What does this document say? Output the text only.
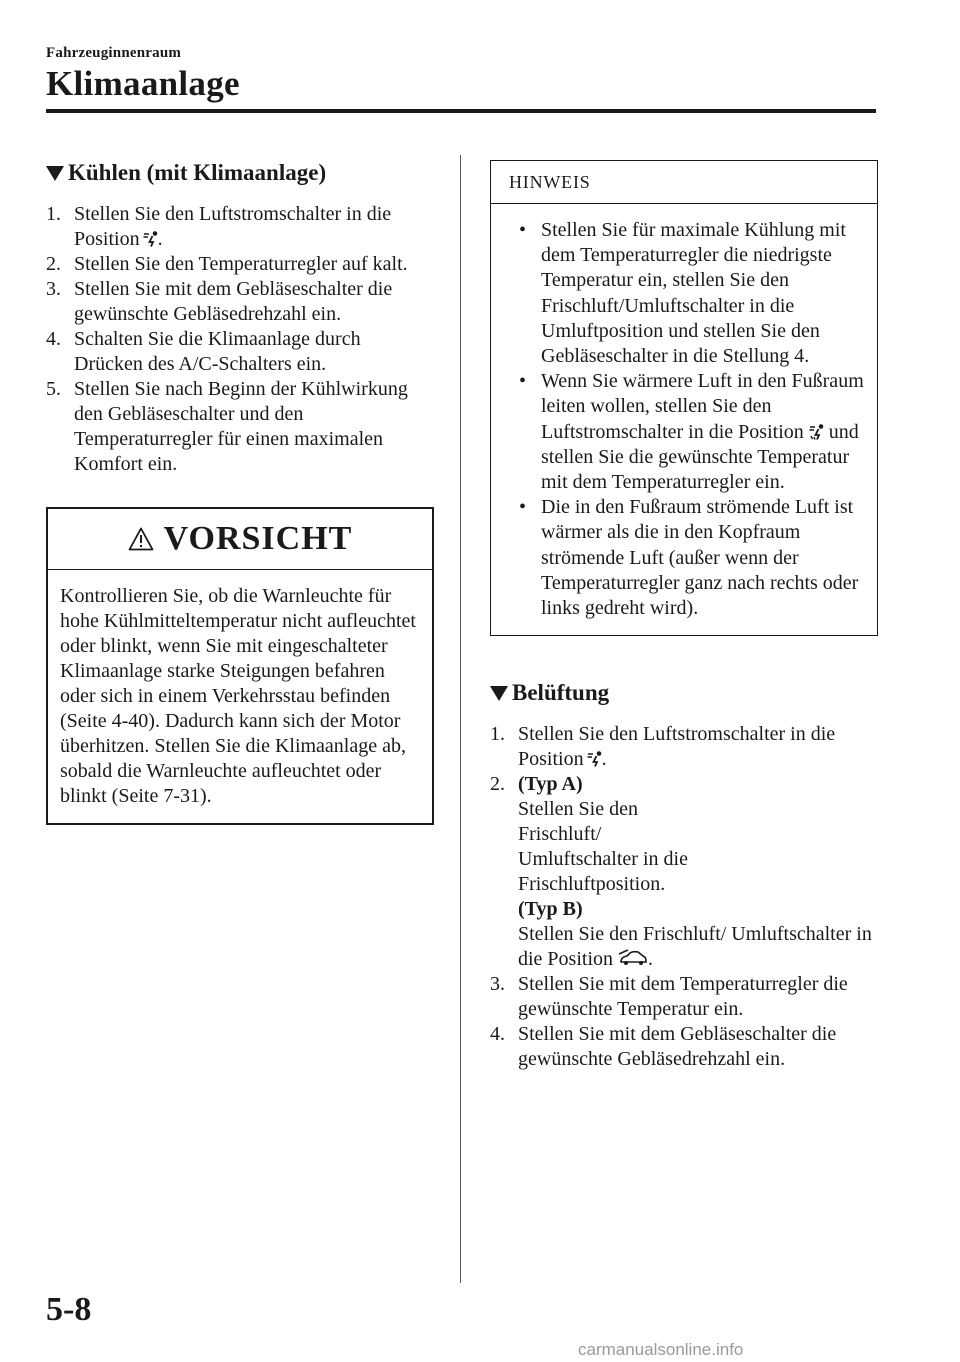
Fahrzeuginnenraum
Klimaanlage
Kühlen (mit Klimaanlage)
1. Stellen Sie den Luftstromschalter in die Position .
2. Stellen Sie den Temperaturregler auf kalt.
3. Stellen Sie mit dem Gebläseschalter die gewünschte Gebläsedrehzahl ein.
4. Schalten Sie die Klimaanlage durch Drücken des A/C-Schalters ein.
5. Stellen Sie nach Beginn der Kühlwirkung den Gebläseschalter und den Temperaturregler für einen maximalen Komfort ein.
VORSICHT
Kontrollieren Sie, ob die Warnleuchte für hohe Kühlmitteltemperatur nicht aufleuchtet oder blinkt, wenn Sie mit eingeschalteter Klimaanlage starke Steigungen befahren oder sich in einem Verkehrsstau befinden (Seite 4-40). Dadurch kann sich der Motor überhitzen. Stellen Sie die Klimaanlage ab, sobald die Warnleuchte aufleuchtet oder blinkt (Seite 7-31).
HINWEIS
• Stellen Sie für maximale Kühlung mit dem Temperaturregler die niedrigste Temperatur ein, stellen Sie den Frischluft/Umluftschalter in die Umluftposition und stellen Sie den Gebläseschalter in die Stellung 4.
• Wenn Sie wärmere Luft in den Fußraum leiten wollen, stellen Sie den Luftstromschalter in die Position und stellen Sie die gewünschte Temperatur mit dem Temperaturregler ein.
• Die in den Fußraum strömende Luft ist wärmer als die in den Kopfraum strömende Luft (außer wenn der Temperaturregler ganz nach rechts oder links gedreht wird).
Belüftung
1. Stellen Sie den Luftstromschalter in die Position .
2. (Typ A)
Stellen Sie den Frischluft/ Umluftschalter in die Frischluftposition.
(Typ B)
Stellen Sie den Frischluft/ Umluftschalter in die Position .
3. Stellen Sie mit dem Temperaturregler die gewünschte Temperatur ein.
4. Stellen Sie mit dem Gebläseschalter die gewünschte Gebläsedrehzahl ein.
5-8
carmanualsonline.info
